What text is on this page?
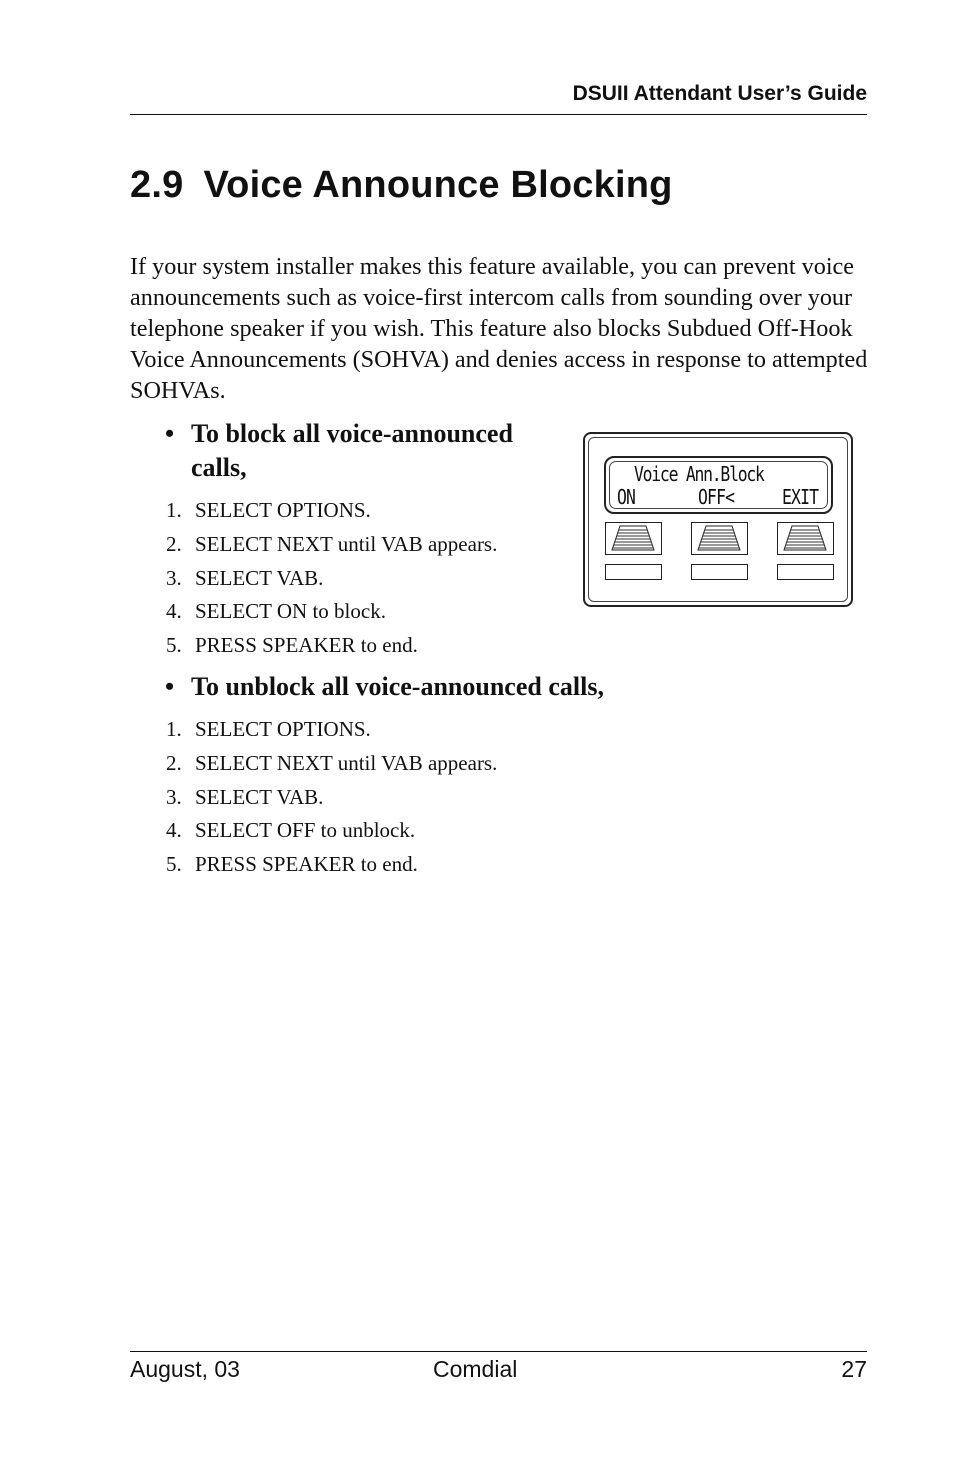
DSUII Attendant User’s Guide
2.9 Voice Announce Blocking

If your system installer makes this feature available, you can prevent voice announcements such as voice-first intercom calls from sounding over your telephone speaker if you wish. This feature also blocks Subdued Off-Hook Voice Announcements (SOHVA) and denies access in response to attempted SOHVAs.

• To block all voice-announced calls,
1. SELECT OPTIONS.
2. SELECT NEXT until VAB appears.
3. SELECT VAB.
4. SELECT ON to block.
5. PRESS SPEAKER to end.
Voice Ann.Block
ON	OFF< EXIT
• To unblock all voice-announced calls,
1. SELECT OPTIONS.
2. SELECT NEXT until VAB appears.
3. SELECT VAB.
4. SELECT OFF to unblock.
5. PRESS SPEAKER to end.
August, 03	Comdial	27
